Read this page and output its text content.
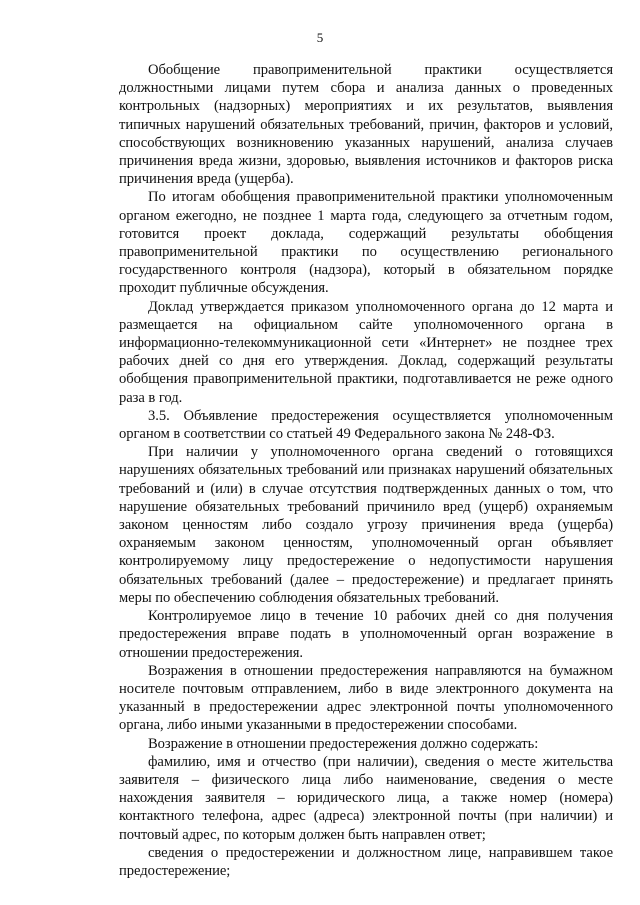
5

Обобщение правоприменительной практики осуществляется должностными лицами путем сбора и анализа данных о проведенных контрольных (надзорных) мероприятиях и их результатов, выявления типичных нарушений обязательных требований, причин, факторов и условий, способствующих возникновению указанных нарушений, анализа случаев причинения вреда жизни, здоровью, выявления источников и факторов риска причинения вреда (ущерба).

По итогам обобщения правоприменительной практики уполномоченным органом ежегодно, не позднее 1 марта года, следующего за отчетным годом, готовится проект доклада, содержащий результаты обобщения правоприменительной практики по осуществлению регионального государственного контроля (надзора), который в обязательном порядке проходит публичные обсуждения.

Доклад утверждается приказом уполномоченного органа до 12 марта и размещается на официальном сайте уполномоченного органа в информационно-телекоммуникационной сети «Интернет» не позднее трех рабочих дней со дня его утверждения. Доклад, содержащий результаты обобщения правоприменительной практики, подготавливается не реже одного раза в год.

3.5. Объявление предостережения осуществляется уполномоченным органом в соответствии со статьей 49 Федерального закона № 248-ФЗ.

При наличии у уполномоченного органа сведений о готовящихся нарушениях обязательных требований или признаках нарушений обязательных требований и (или) в случае отсутствия подтвержденных данных о том, что нарушение обязательных требований причинило вред (ущерб) охраняемым законом ценностям либо создало угрозу причинения вреда (ущерба) охраняемым законом ценностям, уполномоченный орган объявляет контролируемому лицу предостережение о недопустимости нарушения обязательных требований (далее – предостережение) и предлагает принять меры по обеспечению соблюдения обязательных требований.

Контролируемое лицо в течение 10 рабочих дней со дня получения предостережения вправе подать в уполномоченный орган возражение в отношении предостережения.

Возражения в отношении предостережения направляются на бумажном носителе почтовым отправлением, либо в виде электронного документа на указанный в предостережении адрес электронной почты уполномоченного органа, либо иными указанными в предостережении способами.

Возражение в отношении предостережения должно содержать:

фамилию, имя и отчество (при наличии), сведения о месте жительства заявителя – физического лица либо наименование, сведения о месте нахождения заявителя – юридического лица, а также номер (номера) контактного телефона, адрес (адреса) электронной почты (при наличии) и почтовый адрес, по которым должен быть направлен ответ;

сведения о предостережении и должностном лице, направившем такое предостережение;
